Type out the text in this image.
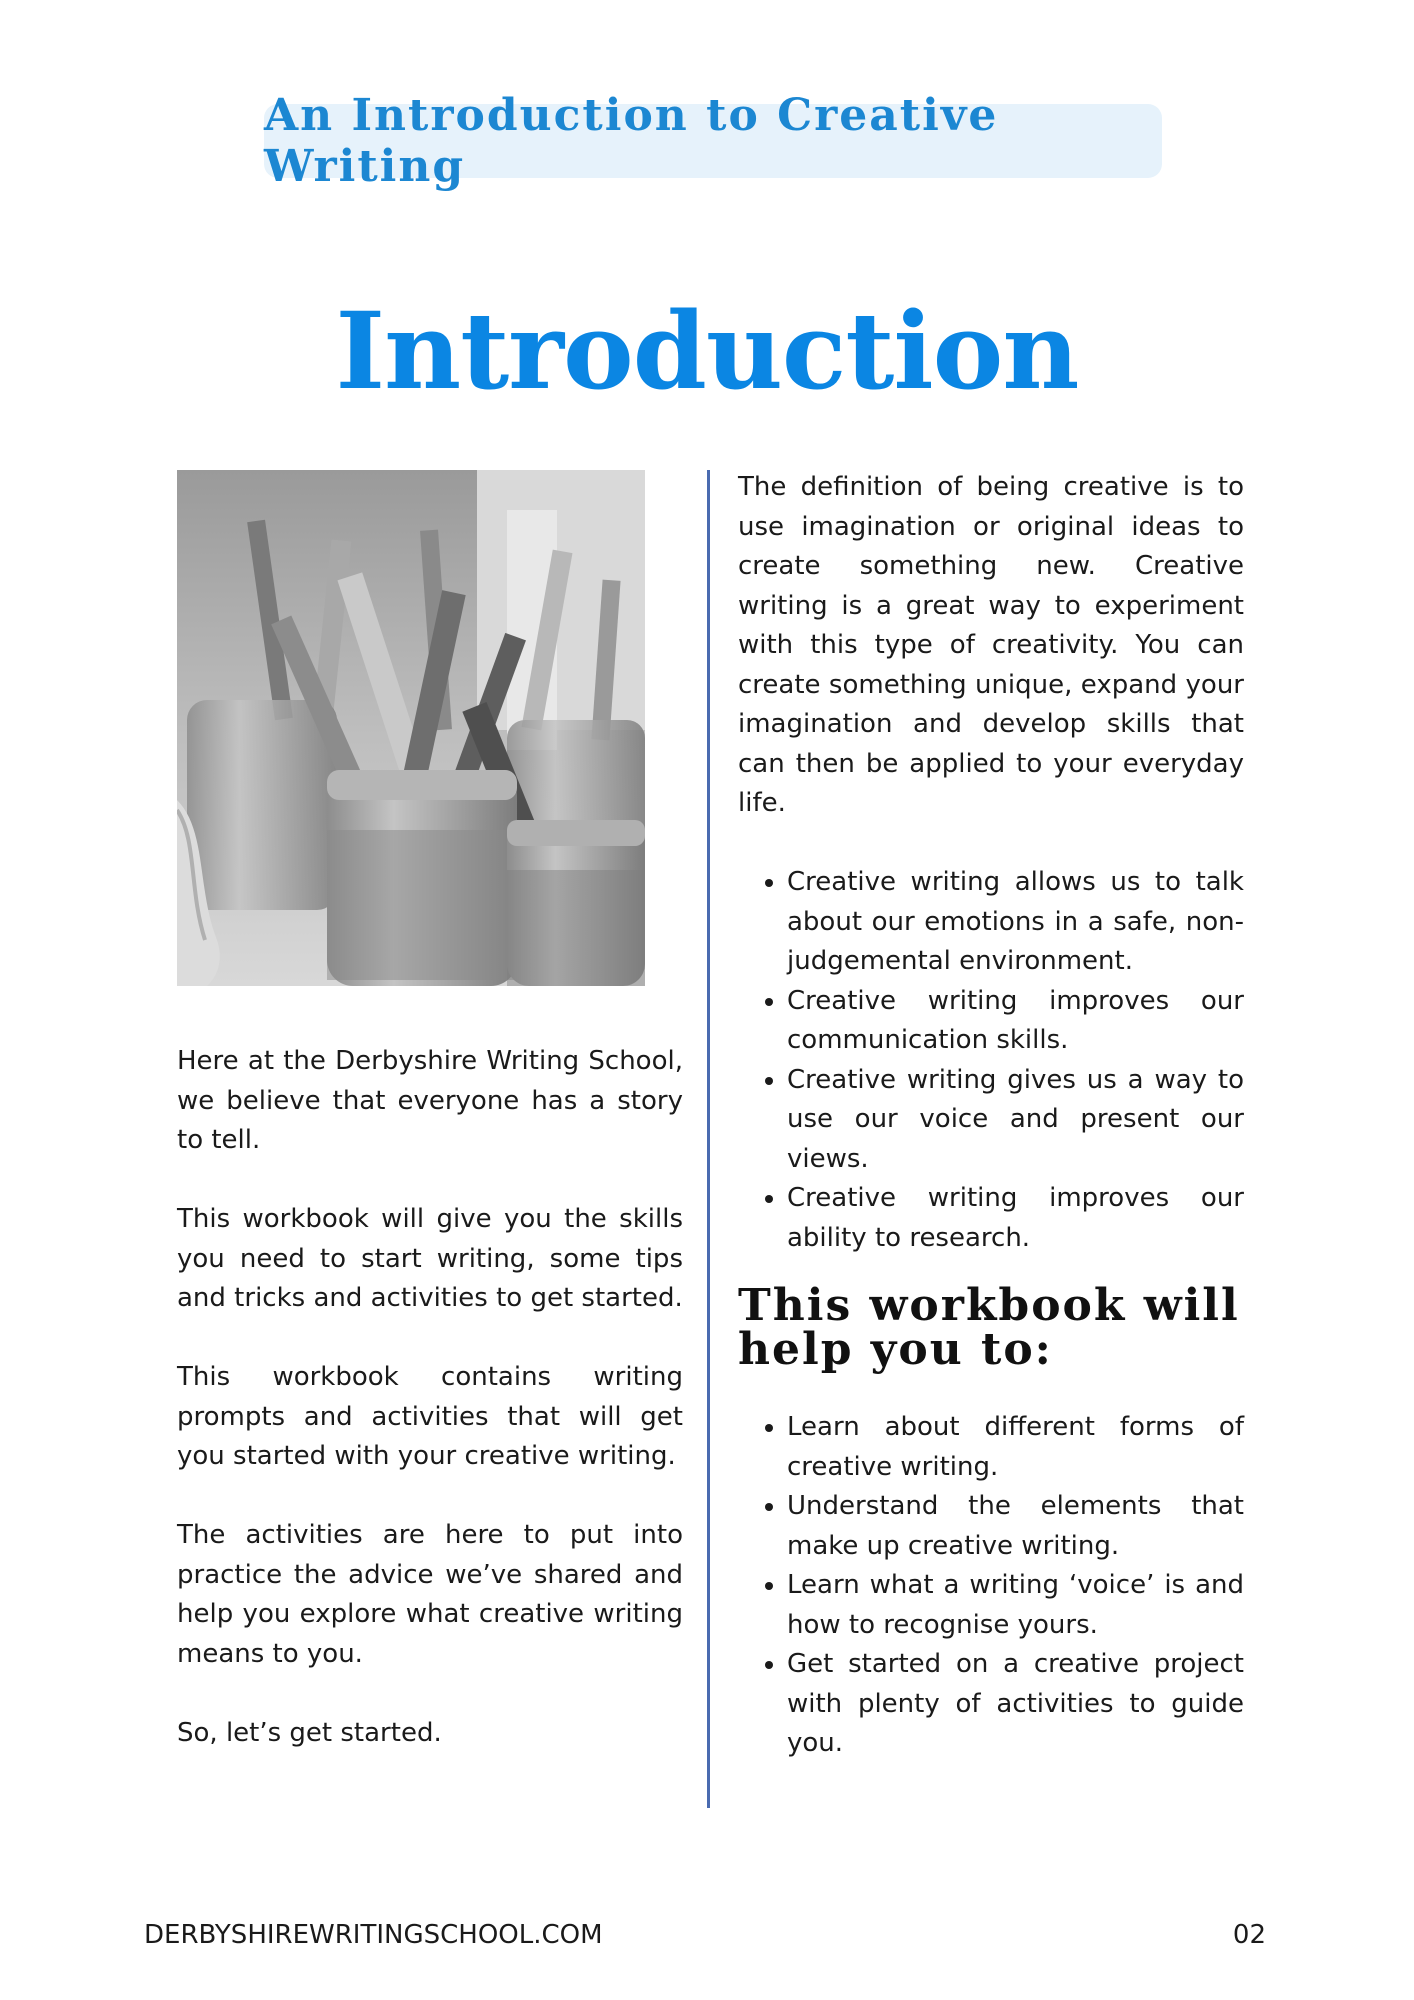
An Introduction to Creative Writing
Introduction

Here at the Derbyshire Writing School, we believe that everyone has a story to tell.

This workbook will give you the skills you need to start writing, some tips and tricks and activities to get started.

This workbook contains writing prompts and activities that will get you started with your creative writing.

The activities are here to put into practice the advice we’ve shared and help you explore what creative writing means to you.

So, let’s get started.

The definition of being creative is to use imagination or original ideas to create something new. Creative writing is a great way to experiment with this type of creativity. You can create something unique, expand your imagination and develop skills that can then be applied to your everyday life.

• Creative writing allows us to talk about our emotions in a safe, non-judgemental environment.
• Creative writing improves our communication skills.
• Creative writing gives us a way to use our voice and present our views.
• Creative writing improves our ability to research.
This workbook will help you to:
• Learn about different forms of creative writing.
• Understand the elements that make up creative writing.
• Learn what a writing ‘voice’ is and how to recognise yours.
• Get started on a creative project with plenty of activities to guide you.
DERBYSHIREWRITINGSCHOOL.COM	02
